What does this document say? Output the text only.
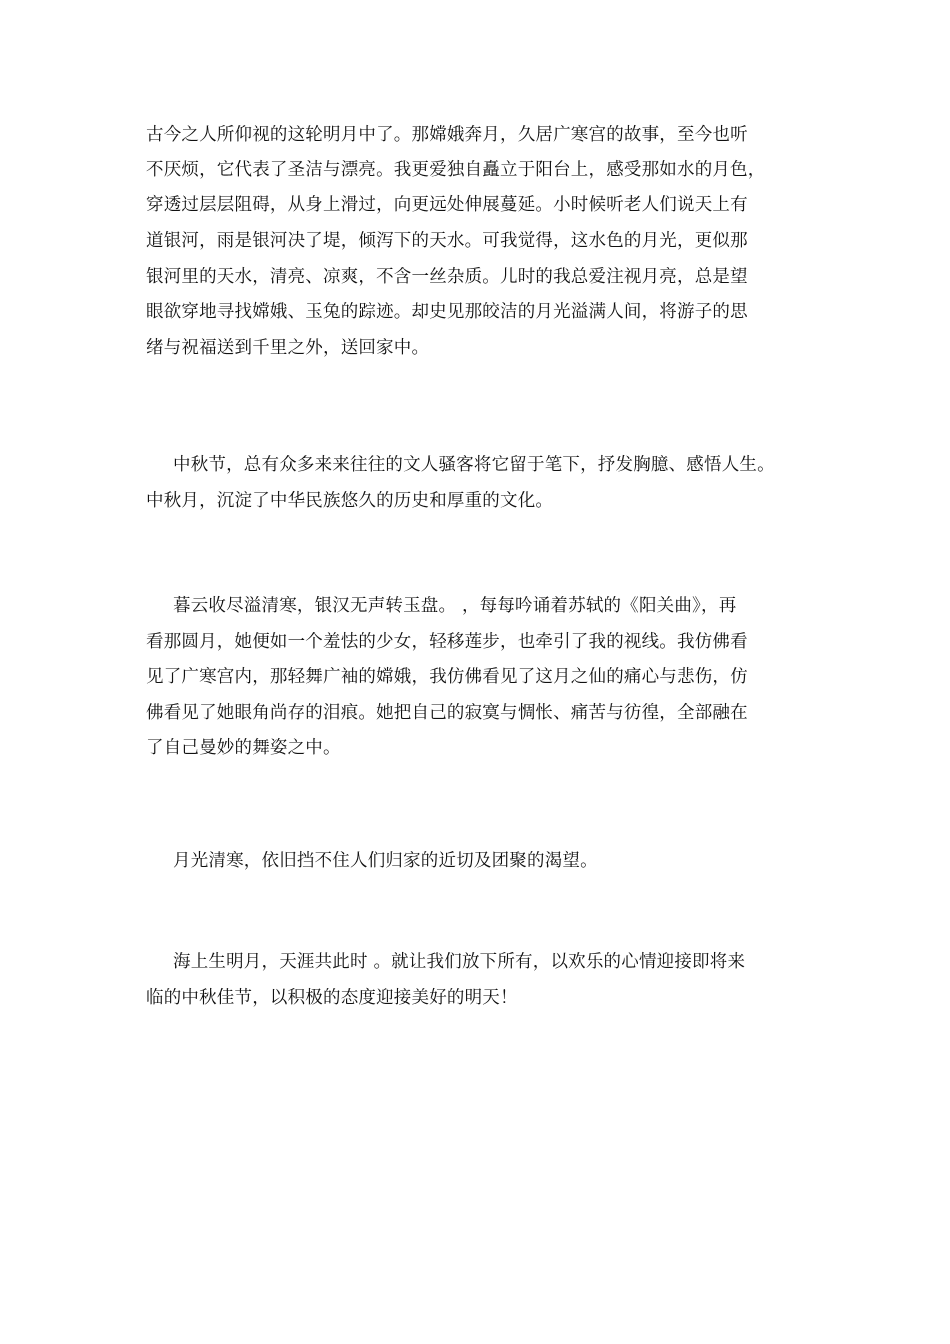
古今之人所仰视的这轮明月中了。那嫦娥奔月，久居广寒宫的故事，至今也听
不厌烦，它代表了圣洁与漂亮。我更爱独自矗立于阳台上，感受那如水的月色，
穿透过层层阻碍，从身上滑过，向更远处伸展蔓延。小时候听老人们说天上有
道银河，雨是银河决了堤，倾泻下的天水。可我觉得，这水色的月光，更似那
银河里的天水，清亮、凉爽，不含一丝杂质。儿时的我总爱注视月亮，总是望
眼欲穿地寻找嫦娥、玉兔的踪迹。却史见那皎洁的月光溢满人间，将游子的思
绪与祝福送到千里之外，送回家中。
中秋节，总有众多来来往往的文人骚客将它留于笔下，抒发胸臆、感悟人生。
中秋月，沉淀了中华民族悠久的历史和厚重的文化。
暮云收尽溢清寒，银汉无声转玉盘。 ，每每吟诵着苏轼的《阳关曲》，再
看那圆月，她便如一个羞怯的少女，轻移莲步，也牵引了我的视线。我仿佛看
见了广寒宫内，那轻舞广袖的嫦娥，我仿佛看见了这月之仙的痛心与悲伤，仿
佛看见了她眼角尚存的泪痕。她把自己的寂寞与惆怅、痛苦与彷徨，全部融在
了自己曼妙的舞姿之中。
月光清寒，依旧挡不住人们归家的近切及团聚的渴望。
海上生明月，天涯共此时 。就让我们放下所有，以欢乐的心情迎接即将来
临的中秋佳节，以积极的态度迎接美好的明天！
